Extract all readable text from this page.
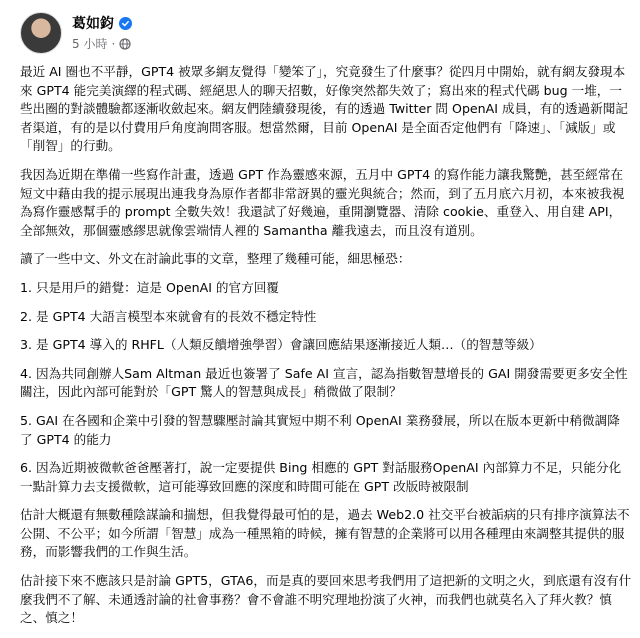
葛如鈞
5 小時 ·

最近 AI 圈也不平靜，GPT4 被眾多網友覺得「變笨了」，究竟發生了什麼事？從四月中開始，就有網友發現本來 GPT4 能完美演繹的程式碼、經絕思人的聊天招數，好像突然都失效了；寫出來的程式代碼 bug 一堆，一些出圈的對談體驗都逐漸收斂起來。網友們陸續發現後，有的透過 Twitter 問 OpenAI 成員，有的透過新聞記者渠道，有的是以付費用戶角度詢問客服。想當然爾，目前 OpenAI 是全面否定他們有「降速」、「減版」或「削智」的行動。

我因為近期在準備一些寫作計畫，透過 GPT 作為靈感來源，五月中 GPT4 的寫作能力讓我驚艷，甚至經常在短文中藉由我的提示展現出連我身為原作者都非常訝異的靈光與統合；然而，到了五月底六月初，本來被我視為寫作靈感幫手的 prompt 全數失效！我還試了好幾遍，重開瀏覽器、清除 cookie、重登入、用自建 API，全部無效，那個靈感繆思就像雲端情人裡的 Samantha 離我遠去，而且沒有道別。

讀了一些中文、外文在討論此事的文章，整理了幾種可能，細思極恐：

1. 只是用戶的錯覺：這是 OpenAI 的官方回覆

2. 是 GPT4 大語言模型本來就會有的長效不穩定特性

3. 是 GPT4 導入的 RHFL（人類反饋增強學習）會讓回應結果逐漸接近人類…（的智慧等級）

4. 因為共同創辦人Sam Altman 最近也簽署了 Safe AI 宣言，認為指數智慧增長的 GAI 開發需要更多安全性關注，因此內部可能對於「GPT 驚人的智慧與成長」稍微做了限制？

5. GAI 在各國和企業中引發的智慧驟壓討論其實短中期不利 OpenAI 業務發展，所以在版本更新中稍微調降了 GPT4 的能力

6. 因為近期被微軟爸爸壓著打，說一定要提供 Bing 相應的 GPT 對話服務OpenAI 內部算力不足，只能分化一點計算力去支援微軟，這可能導致回應的深度和時間可能在 GPT 改版時被限制

估計大概還有無數種陰謀論和揣想，但我覺得最可怕的是，過去 Web2.0 社交平台被詬病的只有排序演算法不公開、不公平；如今所謂「智慧」成為一種黑箱的時候，擁有智慧的企業將可以用各種理由來調整其提供的服務，而影響我們的工作與生活。

估計接下來不應該只是討論 GPT5，GTA6，而是真的要回來思考我們用了這把新的文明之火，到底還有沒有什麼我們不了解、未通透討論的社會事務？會不會誰不明究理地扮演了火神，而我們也就莫名入了拜火教？慎之、慎之！
